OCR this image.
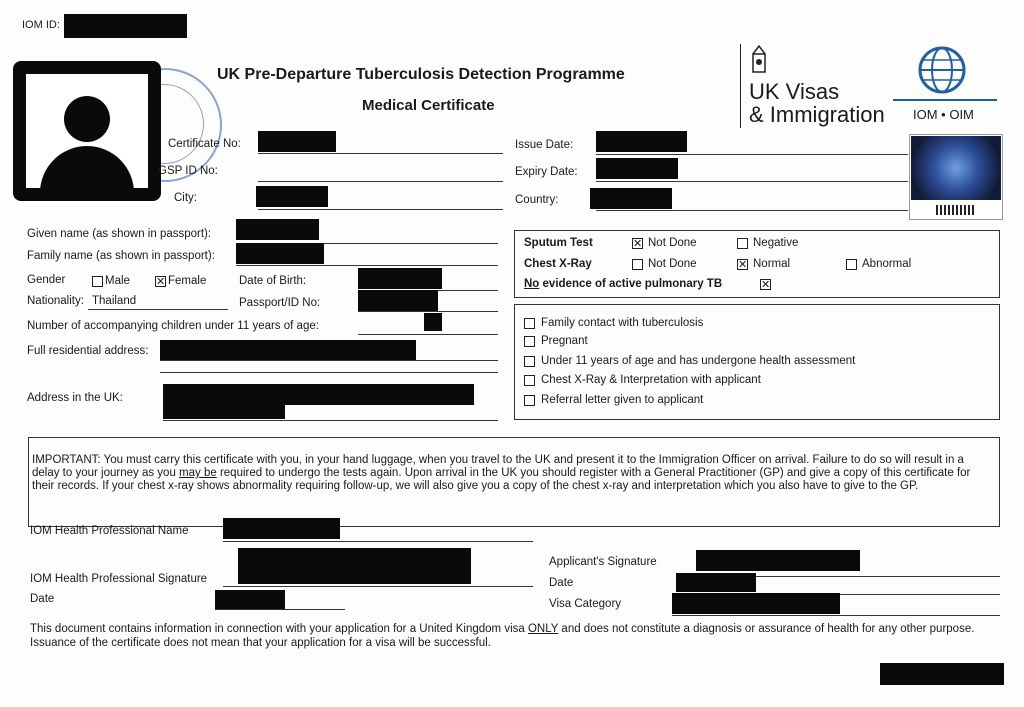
IOM ID:
UK Pre-Departure Tuberculosis Detection Programme
Medical Certificate
UK Visas
& Immigration IOM • OIM
Certificate No:
GSP ID No:
City:
Issue Date:
Expiry Date:
Country:
Given name (as shown in passport):
Family name (as shown in passport):
Gender	Male ✕ Female	Date of Birth:
Nationality: Thailand	Passport/ID No:
Number of accompanying children under 11 years of age:
Full residential address:
Address in the UK:
Sputum Test	✕ Not Done	Negative
Chest X-Ray	Not Done	✕ Normal	Abnormal
No evidence of active pulmonary TB	✕
Family contact with tuberculosis
Pregnant
Under 11 years of age and has undergone health assessment
Chest X-Ray & Interpretation with applicant
Referral letter given to applicant
IMPORTANT: You must carry this certificate with you, in your hand luggage, when you travel to the UK and present it to the Immigration Officer on arrival. Failure to do so will result in a delay to your journey as you may be required to undergo the tests again. Upon arrival in the UK you should register with a General Practitioner (GP) and give a copy of this certificate for their records. If your chest x-ray shows abnormality requiring follow-up, we will also give you a copy of the chest x-ray and interpretation which you also have to give to the GP.
IOM Health Professional Name
IOM Health Professional Signature
Date
Applicant's Signature
Date
Visa Category
This document contains information in connection with your application for a United Kingdom visa ONLY and does not constitute a diagnosis or assurance of health for any other purpose. Issuance of the certificate does not mean that your application for a visa will be successful.
